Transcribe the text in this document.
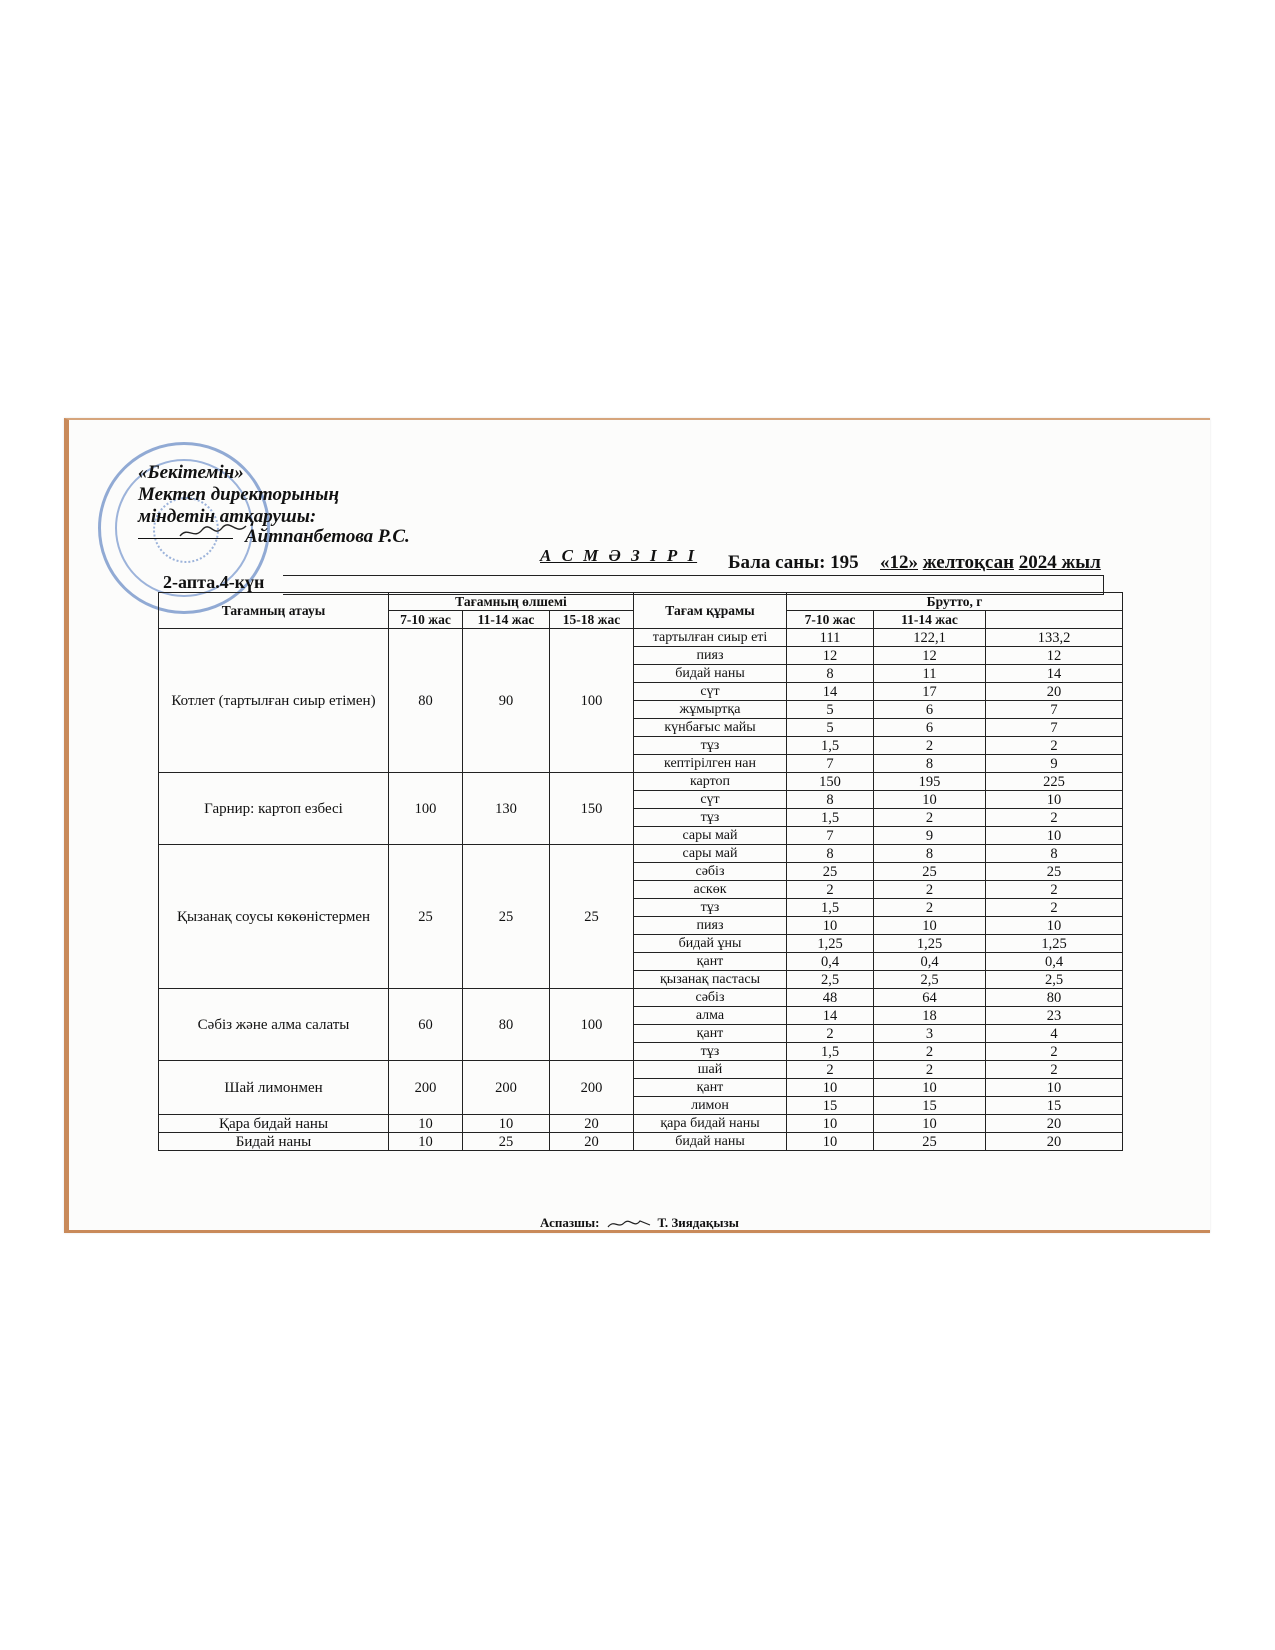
«Бекітемін»
Мектеп директорының
міндетін атқарушы:
Айтпанбетова Р.С.
А С М Ә З І Р І Бала саны: 195 «12» желтоқсан 2024 жыл
2-апта.4-күн
Тағамның атауы	Тағамның өлшемі			Тағам құрамы	Брутто, г		
	7-10 жас	11-14 жас	15-18 жас		7-10 жас	11-14 жас	
Котлет (тартылған сиыр етімен)	80	90	100	тартылған сиыр еті	111	122,1	133,2
				пияз	12	12	12
				бидай наны	8	11	14
				сүт	14	17	20
				жұмыртқа	5	6	7
				күнбағыс майы	5	6	7
				тұз	1,5	2	2
				кептірілген нан	7	8	9
Гарнир: картоп езбесі	100	130	150	картоп	150	195	225
				сүт	8	10	10
				тұз	1,5	2	2
				сары май	7	9	10
Қызанақ соусы көкөністермен	25	25	25	сары май	8	8	8
				сәбіз	25	25	25
				аскөк	2	2	2
				тұз	1,5	2	2
				пияз	10	10	10
				бидай ұны	1,25	1,25	1,25
				қант	0,4	0,4	0,4
				қызанақ пастасы	2,5	2,5	2,5
Сәбіз және алма салаты	60	80	100	сәбіз	48	64	80
				алма	14	18	23
				қант	2	3	4
				тұз	1,5	2	2
Шай лимонмен	200	200	200	шай	2	2	2
				қант	10	10	10
				лимон	15	15	15
Қара бидай наны	10	10	20	қара бидай наны	10	10	20
Бидай наны	10	25	20	бидай наны	10	25	20
Аспазшы:	Т. Зиядақызы
